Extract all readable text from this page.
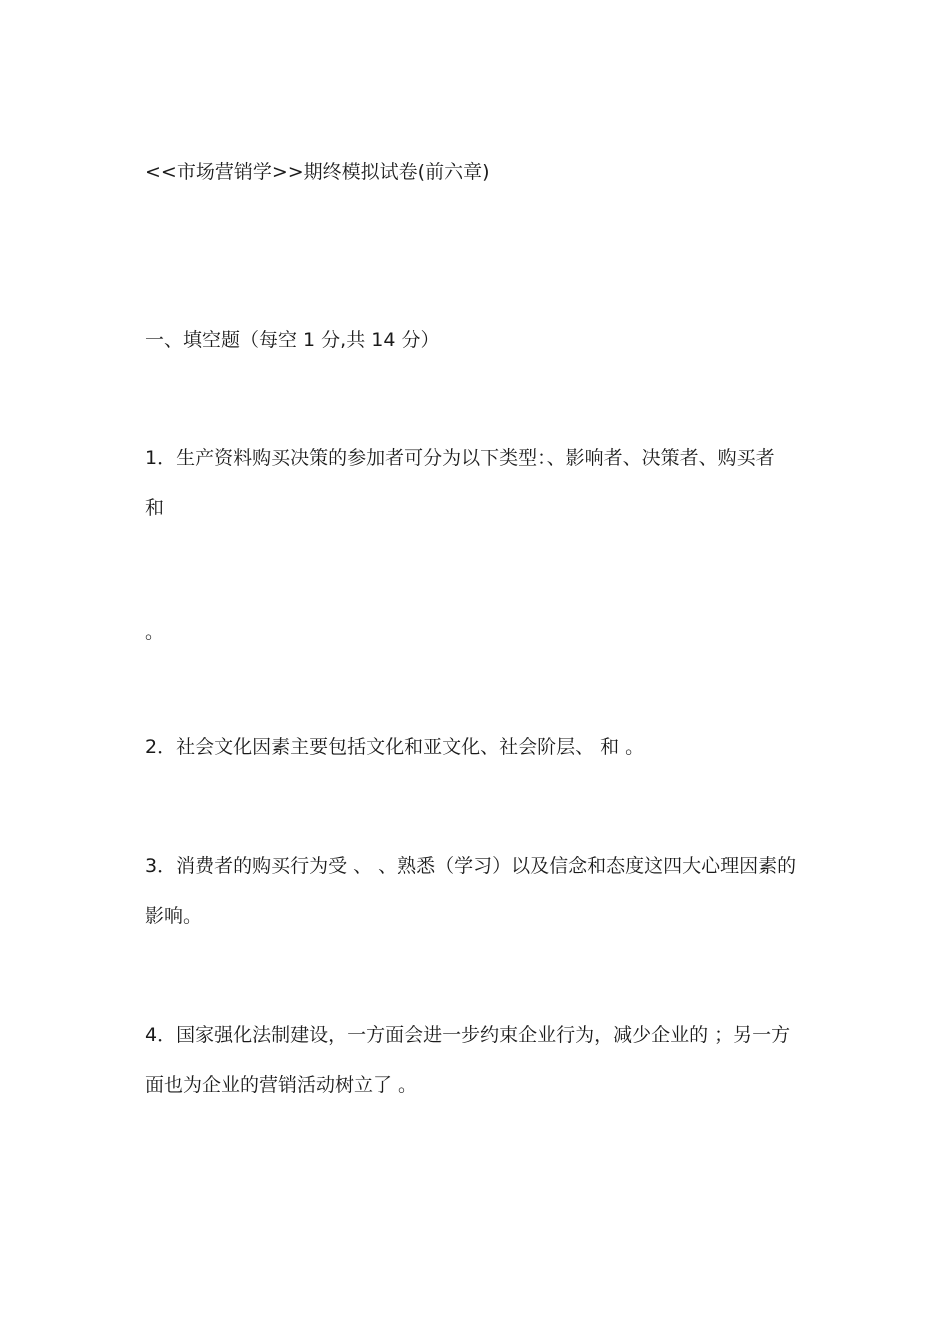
<<市场营销学>>期终模拟试卷(前六章)
一、填空题（每空 1 分,共 14 分）
1．生产资料购买决策的参加者可分为以下类型：、影响者、决策者、购买者
和
。
2．社会文化因素主要包括文化和亚文化、社会阶层、 和 。
3．消费者的购买行为受 、 、熟悉（学习）以及信念和态度这四大心理因素的
影响。
4．国家强化法制建设，一方面会进一步约束企业行为，减少企业的 ；另一方
面也为企业的营销活动树立了 。
